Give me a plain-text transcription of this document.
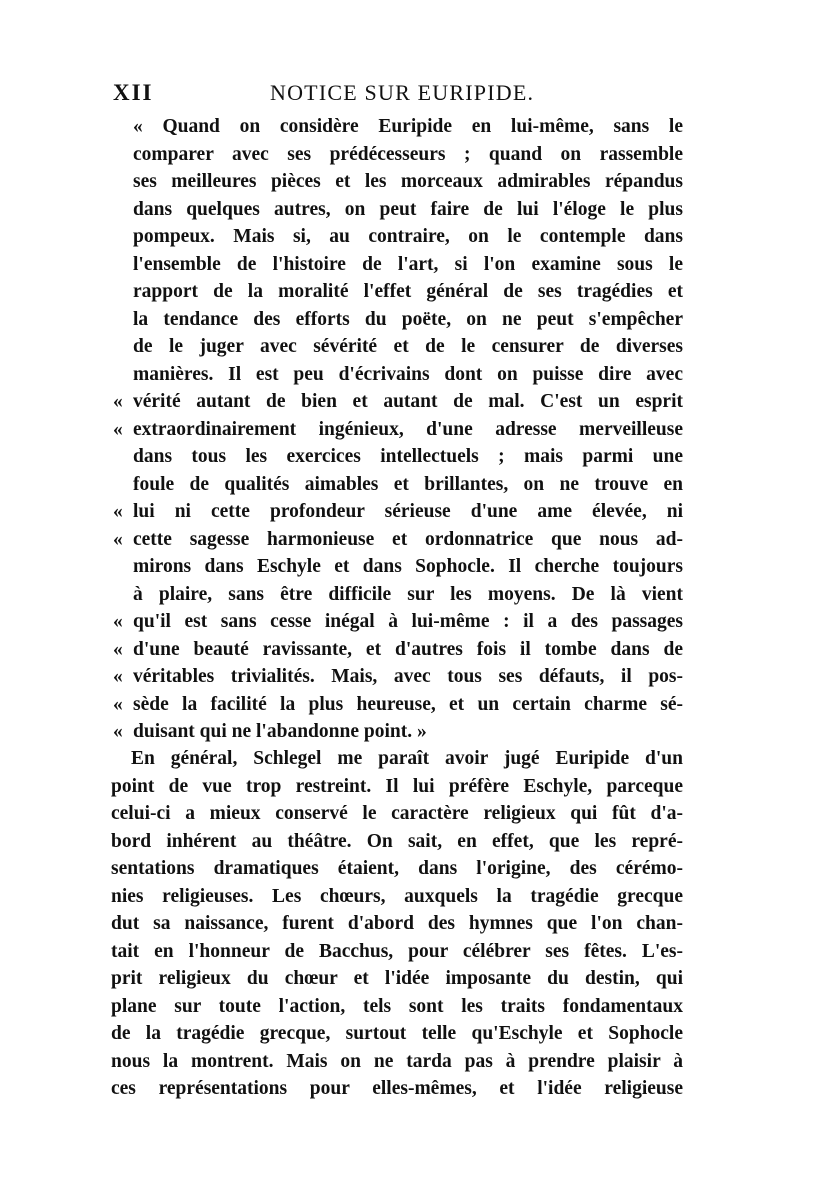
XII	NOTICE SUR EURIPIDE.
« Quand on considère Euripide en lui-même, sans le
comparer avec ses prédécesseurs ; quand on rassemble
ses meilleures pièces et les morceaux admirables répandus
dans quelques autres, on peut faire de lui l'éloge le plus
pompeux. Mais si, au contraire, on le contemple dans
l'ensemble de l'histoire de l'art, si l'on examine sous le
rapport de la moralité l'effet général de ses tragédies et
la tendance des efforts du poëte, on ne peut s'empêcher
de le juger avec sévérité et de le censurer de diverses
manières. Il est peu d'écrivains dont on puisse dire avec
« vérité autant de bien et autant de mal. C'est un esprit
« extraordinairement ingénieux, d'une adresse merveilleuse
dans tous les exercices intellectuels ; mais parmi une
foule de qualités aimables et brillantes, on ne trouve en
« lui ni cette profondeur sérieuse d'une ame élevée, ni
« cette sagesse harmonieuse et ordonnatrice que nous ad-
mirons dans Eschyle et dans Sophocle. Il cherche toujours
à plaire, sans être difficile sur les moyens. De là vient
« qu'il est sans cesse inégal à lui-même : il a des passages
« d'une beauté ravissante, et d'autres fois il tombe dans de
« véritables trivialités. Mais, avec tous ses défauts, il pos-
« sède la facilité la plus heureuse, et un certain charme sé-
« duisant qui ne l'abandonne point. »
En général, Schlegel me paraît avoir jugé Euripide d'un
point de vue trop restreint. Il lui préfère Eschyle, parceque
celui-ci a mieux conservé le caractère religieux qui fût d'a-
bord inhérent au théâtre. On sait, en effet, que les repré-
sentations dramatiques étaient, dans l'origine, des cérémo-
nies religieuses. Les chœurs, auxquels la tragédie grecque
dut sa naissance, furent d'abord des hymnes que l'on chan-
tait en l'honneur de Bacchus, pour célébrer ses fêtes. L'es-
prit religieux du chœur et l'idée imposante du destin, qui
plane sur toute l'action, tels sont les traits fondamentaux
de la tragédie grecque, surtout telle qu'Eschyle et Sophocle
nous la montrent. Mais on ne tarda pas à prendre plaisir à
ces représentations pour elles-mêmes, et l'idée religieuse
